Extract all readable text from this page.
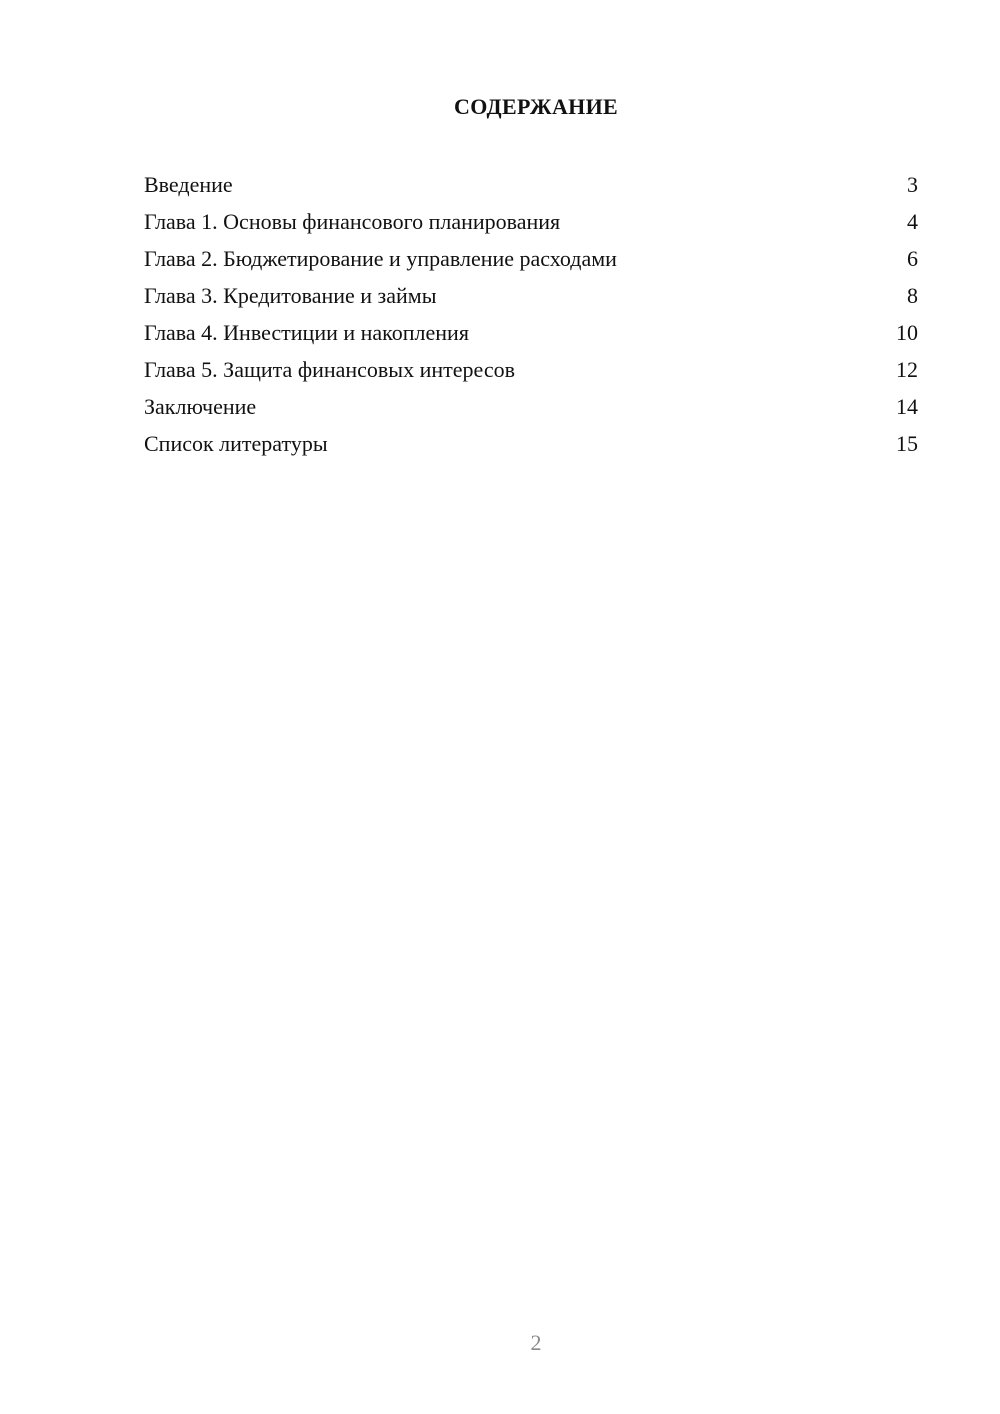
СОДЕРЖАНИЕ
Введение	3
Глава 1. Основы финансового планирования	4
Глава 2. Бюджетирование и управление расходами	6
Глава 3. Кредитование и займы	8
Глава 4. Инвестиции и накопления	10
Глава 5. Защита финансовых интересов	12
Заключение	14
Список литературы	15
2
